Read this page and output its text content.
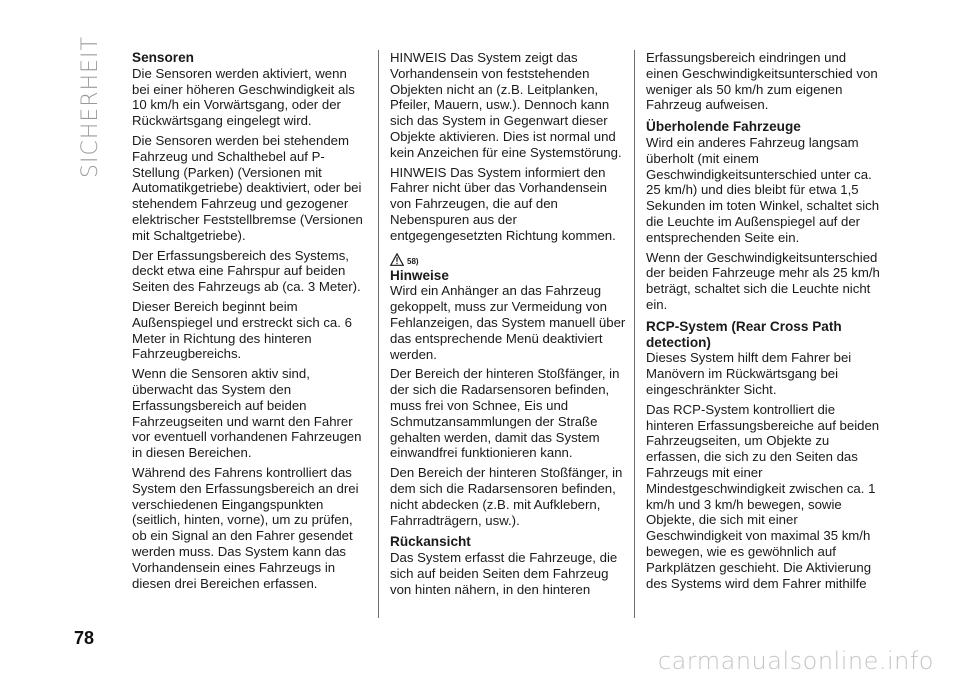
SICHERHEIT
78
Sensoren

Die Sensoren werden aktiviert, wenn bei einer höheren Geschwindigkeit als 10 km/h ein Vorwärtsgang, oder der Rückwärtsgang eingelegt wird.

Die Sensoren werden bei stehendem Fahrzeug und Schalthebel auf P-Stellung (Parken) (Versionen mit Automatikgetriebe) deaktiviert, oder bei stehendem Fahrzeug und gezogener elektrischer Feststellbremse (Versionen mit Schaltgetriebe).

Der Erfassungsbereich des Systems, deckt etwa eine Fahrspur auf beiden Seiten des Fahrzeugs ab (ca. 3 Meter).

Dieser Bereich beginnt beim Außenspiegel und erstreckt sich ca. 6 Meter in Richtung des hinteren Fahrzeugbereichs.

Wenn die Sensoren aktiv sind, überwacht das System den Erfassungsbereich auf beiden Fahrzeugseiten und warnt den Fahrer vor eventuell vorhandenen Fahrzeugen in diesen Bereichen.

Während des Fahrens kontrolliert das System den Erfassungsbereich an drei verschiedenen Eingangspunkten (seitlich, hinten, vorne), um zu prüfen, ob ein Signal an den Fahrer gesendet werden muss. Das System kann das Vorhandensein eines Fahrzeugs in diesen drei Bereichen erfassen.

HINWEIS Das System zeigt das Vorhandensein von feststehenden Objekten nicht an (z.B. Leitplanken, Pfeiler, Mauern, usw.). Dennoch kann sich das System in Gegenwart dieser Objekte aktivieren. Dies ist normal und kein Anzeichen für eine Systemstörung.

HINWEIS Das System informiert den Fahrer nicht über das Vorhandensein von Fahrzeugen, die auf den Nebenspuren aus der entgegengesetzten Richtung kommen.

58)
Hinweise

Wird ein Anhänger an das Fahrzeug gekoppelt, muss zur Vermeidung von Fehlanzeigen, das System manuell über das entsprechende Menü deaktiviert werden.

Der Bereich der hinteren Stoßfänger, in der sich die Radarsensoren befinden, muss frei von Schnee, Eis und Schmutzansammlungen der Straße gehalten werden, damit das System einwandfrei funktionieren kann.

Den Bereich der hinteren Stoßfänger, in dem sich die Radarsensoren befinden, nicht abdecken (z.B. mit Aufklebern, Fahrradträgern, usw.).

Rückansicht

Das System erfasst die Fahrzeuge, die sich auf beiden Seiten dem Fahrzeug von hinten nähern, in den hinteren

Erfassungsbereich eindringen und einen Geschwindigkeitsunterschied von weniger als 50 km/h zum eigenen Fahrzeug aufweisen.

Überholende Fahrzeuge

Wird ein anderes Fahrzeug langsam überholt (mit einem Geschwindigkeitsunterschied unter ca. 25 km/h) und dies bleibt für etwa 1,5 Sekunden im toten Winkel, schaltet sich die Leuchte im Außenspiegel auf der entsprechenden Seite ein.

Wenn der Geschwindigkeitsunterschied der beiden Fahrzeuge mehr als 25 km/h beträgt, schaltet sich die Leuchte nicht ein.

RCP-System (Rear Cross Path detection)

Dieses System hilft dem Fahrer bei Manövern im Rückwärtsgang bei eingeschränkter Sicht.

Das RCP-System kontrolliert die hinteren Erfassungsbereiche auf beiden Fahrzeugseiten, um Objekte zu erfassen, die sich zu den Seiten das Fahrzeugs mit einer Mindestgeschwindigkeit zwischen ca. 1 km/h und 3 km/h bewegen, sowie Objekte, die sich mit einer Geschwindigkeit von maximal 35 km/h bewegen, wie es gewöhnlich auf Parkplätzen geschieht. Die Aktivierung des Systems wird dem Fahrer mithilfe

carmanualsonline.info
